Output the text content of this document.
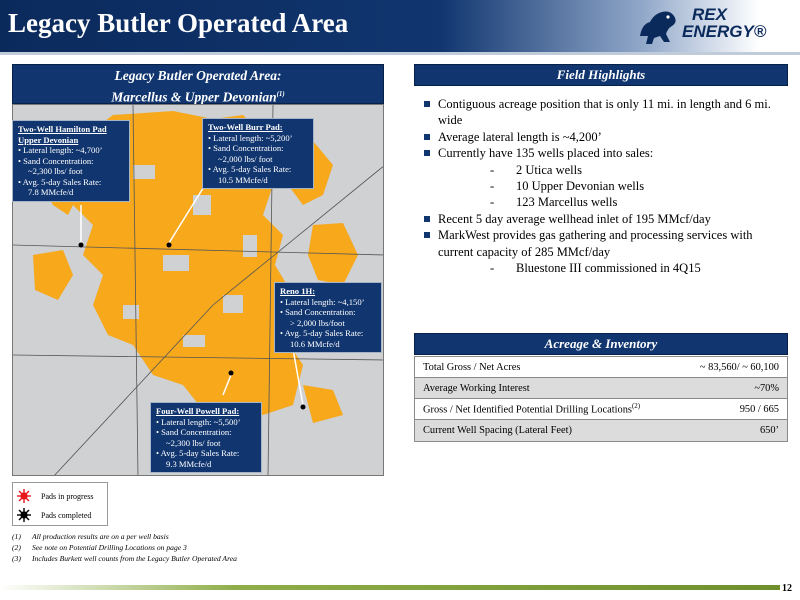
Legacy Butler Operated Area	REX
ENERGY®
Legacy Butler Operated Area:
Marcellus & Upper Devonian$^{(1)}$
Two-Well Hamilton Pad
Upper Devonian
• Lateral length: ~4,700’
• Sand Concentration:
~2,300 lbs/ foot
• Avg. 5-day Sales Rate:
7.8 MMcfe/d
Two-Well Burr Pad:
• Lateral length: ~5,200’
• Sand Concentration:
~2,000 lbs/ foot
• Avg. 5-day Sales Rate:
10.5 MMcfe/d
Reno 1H:
• Lateral length: ~4,150’
• Sand Concentration:
> 2,000 lbs/foot
• Avg. 5-day Sales Rate:
10.6 MMcfe/d
Four-Well Powell Pad:
• Lateral length: ~5,500’
• Sand Concentration:
~2,300 lbs/ foot
• Avg. 5-day Sales Rate:
9.3 MMcfe/d
Pads in progress
Pads completed
(1)	All production results are on a per well basis
(2)	See note on Potential Drilling Locations on page 3
(3)	Includes Burkett well counts from the Legacy Butler Operated Area
Field Highlights
Contiguous acreage position that is only 11 mi. in length and 6 mi. wide
Average lateral length is ~4,200’
Currently have 135 wells placed into sales:
- 2 Utica wells
- 10 Upper Devonian wells
- 123 Marcellus wells
Recent 5 day average wellhead inlet of 195 MMcf/day
MarkWest provides gas gathering and processing services with current capacity of 285 MMcf/day
- Bluestone III commissioned in 4Q15
Acreage & Inventory
Total Gross / Net Acres	~ 83,560/ ~ 60,100
Average Working Interest	~70%
Gross / Net Identified Potential Drilling Locations$^{(2)}$	950 / 665
Current Well Spacing (Lateral Feet)	650’
12
